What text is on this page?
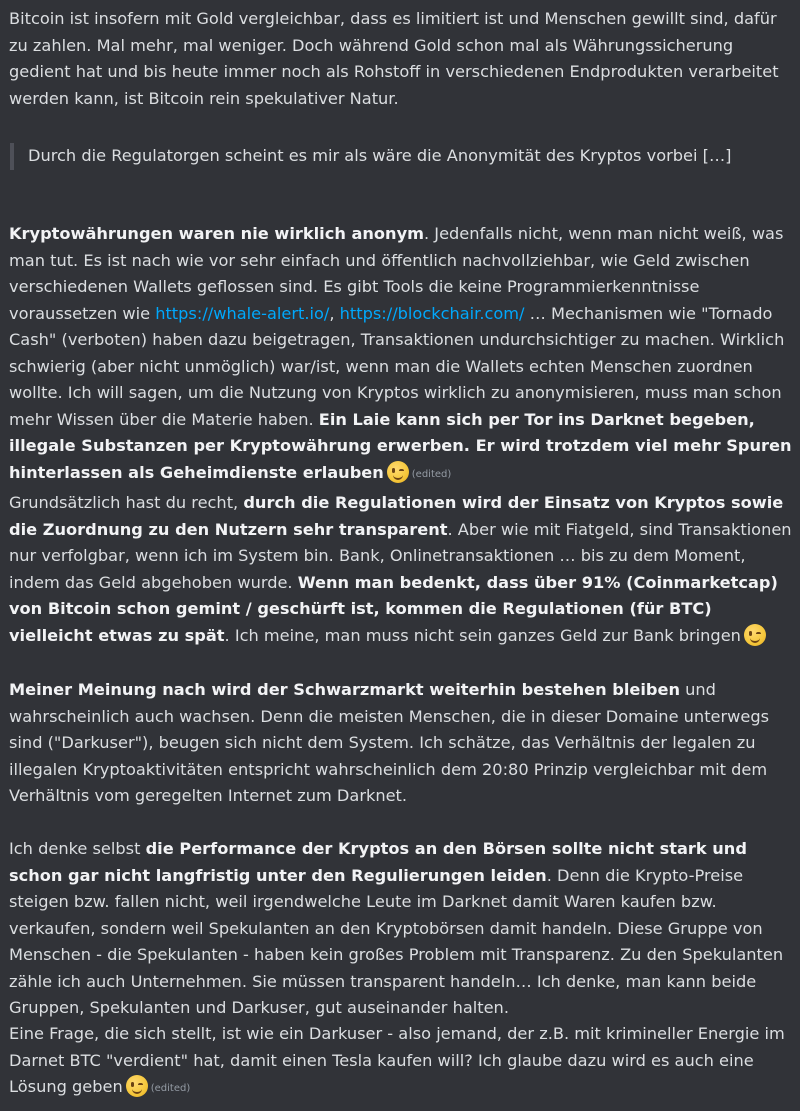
Bitcoin ist insofern mit Gold vergleichbar, dass es limitiert ist und Menschen gewillt sind, dafür zu zahlen. Mal mehr, mal weniger. Doch während Gold schon mal als Währungssicherung gedient hat und bis heute immer noch als Rohstoff in verschiedenen Endprodukten verarbeitet werden kann, ist Bitcoin rein spekulativer Natur.

Durch die Regulatorgen scheint es mir als wäre die Anonymität des Kryptos vorbei […]

Kryptowährungen waren nie wirklich anonym. Jedenfalls nicht, wenn man nicht weiß, was man tut. Es ist nach wie vor sehr einfach und öffentlich nachvollziehbar, wie Geld zwischen verschiedenen Wallets geflossen sind. Es gibt Tools die keine Programmierkenntnisse voraussetzen wie https://whale-alert.io/, https://blockchair.com/ … Mechanismen wie "Tornado Cash" (verboten) haben dazu beigetragen, Transaktionen undurchsichtiger zu machen. Wirklich schwierig (aber nicht unmöglich) war/ist, wenn man die Wallets echten Menschen zuordnen wollte. Ich will sagen, um die Nutzung von Kryptos wirklich zu anonymisieren, muss man schon mehr Wissen über die Materie haben. Ein Laie kann sich per Tor ins Darknet begeben, illegale Substanzen per Kryptowährung erwerben. Er wird trotzdem viel mehr Spuren hinterlassen als Geheimdienste erlauben	(edited)

Grundsätzlich hast du recht, durch die Regulationen wird der Einsatz von Kryptos sowie die Zuordnung zu den Nutzern sehr transparent. Aber wie mit Fiatgeld, sind Transaktionen nur verfolgbar, wenn ich im System bin. Bank, Onlinetransaktionen … bis zu dem Moment, indem das Geld abgehoben wurde. Wenn man bedenkt, dass über 91% (Coinmarketcap) von Bitcoin schon gemint / geschürft ist, kommen die Regulationen (für BTC) vielleicht etwas zu spät. Ich meine, man muss nicht sein ganzes Geld zur Bank bringen

Meiner Meinung nach wird der Schwarzmarkt weiterhin bestehen bleiben und wahrscheinlich auch wachsen. Denn die meisten Menschen, die in dieser Domaine unterwegs sind ("Darkuser"), beugen sich nicht dem System. Ich schätze, das Verhältnis der legalen zu illegalen Kryptoaktivitäten entspricht wahrscheinlich dem 20:80 Prinzip vergleichbar mit dem Verhältnis vom geregelten Internet zum Darknet.

Ich denke selbst die Performance der Kryptos an den Börsen sollte nicht stark und schon gar nicht langfristig unter den Regulierungen leiden. Denn die Krypto-Preise steigen bzw. fallen nicht, weil irgendwelche Leute im Darknet damit Waren kaufen bzw. verkaufen, sondern weil Spekulanten an den Kryptobörsen damit handeln. Diese Gruppe von Menschen - die Spekulanten - haben kein großes Problem mit Transparenz. Zu den Spekulanten zähle ich auch Unternehmen. Sie müssen transparent handeln… Ich denke, man kann beide Gruppen, Spekulanten und Darkuser, gut auseinander halten.

Eine Frage, die sich stellt, ist wie ein Darkuser - also jemand, der z.B. mit krimineller Energie im Darnet BTC "verdient" hat, damit einen Tesla kaufen will? Ich glaube dazu wird es auch eine Lösung geben	(edited)
